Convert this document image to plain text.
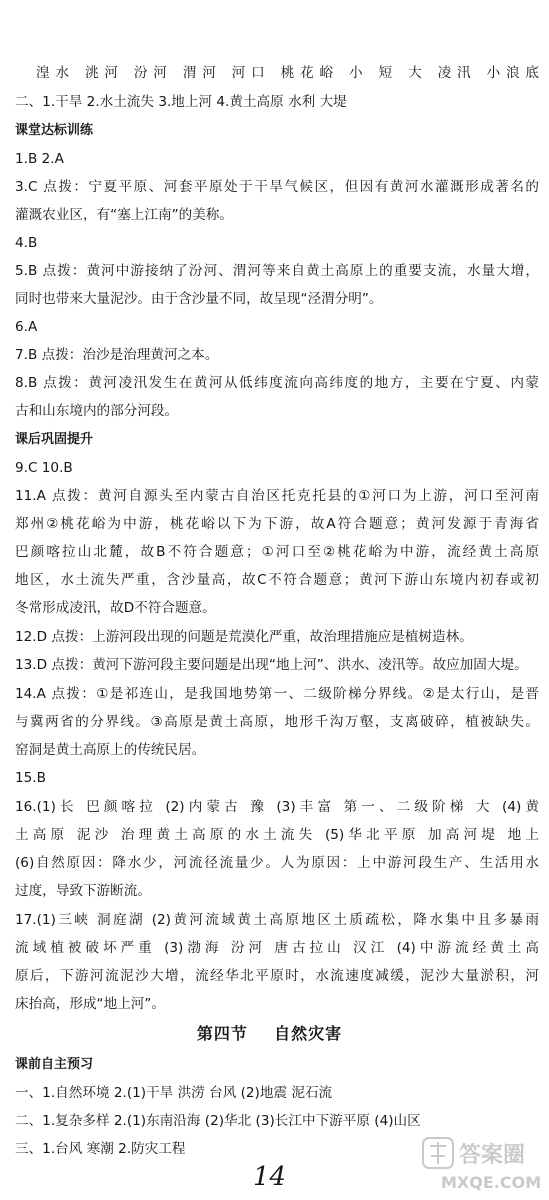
湟水 洮河 汾河 渭河 河口 桃花峪 小 短 大 凌汛 小浪底
二、1.干旱 2.水土流失 3.地上河 4.黄土高原 水利 大堤
课堂达标训练
1.B 2.A
3.C 点拨：宁夏平原、河套平原处于干旱气候区，但因有黄河水灌溉形成著名的
灌溉农业区，有“塞上江南”的美称。
4.B
5.B 点拨：黄河中游接纳了汾河、渭河等来自黄土高原上的重要支流，水量大增，
同时也带来大量泥沙。由于含沙量不同，故呈现“泾渭分明”。
6.A
7.B 点拨：治沙是治理黄河之本。
8.B 点拨：黄河凌汛发生在黄河从低纬度流向高纬度的地方，主要在宁夏、内蒙
古和山东境内的部分河段。
课后巩固提升
9.C 10.B
11.A 点拨：黄河自源头至内蒙古自治区托克托县的①河口为上游，河口至河南
郑州②桃花峪为中游，桃花峪以下为下游，故A符合题意；黄河发源于青海省
巴颜喀拉山北麓，故B不符合题意；①河口至②桃花峪为中游，流经黄土高原
地区，水土流失严重，含沙量高，故C不符合题意；黄河下游山东境内初春或初
冬常形成凌汛，故D不符合题意。
12.D 点拨：上游河段出现的问题是荒漠化严重，故治理措施应是植树造林。
13.D 点拨：黄河下游河段主要问题是出现“地上河”、洪水、凌汛等。故应加固大堤。
14.A 点拨：①是祁连山，是我国地势第一、二级阶梯分界线。②是太行山，是晋
与冀两省的分界线。③高原是黄土高原，地形千沟万壑，支离破碎，植被缺失。
窑洞是黄土高原上的传统民居。
15.B
16.(1)长 巴颜喀拉 (2)内蒙古 豫 (3)丰富 第一、二级阶梯 大 (4)黄
土高原 泥沙 治理黄土高原的水土流失 (5)华北平原 加高河堤 地上
(6)自然原因：降水少，河流径流量少。人为原因：上中游河段生产、生活用水
过度，导致下游断流。
17.(1)三峡 洞庭湖 (2)黄河流域黄土高原地区土质疏松，降水集中且多暴雨
流域植被破坏严重 (3)渤海 汾河 唐古拉山 汉江 (4)中游流经黄土高
原后，下游河流泥沙大增，流经华北平原时，水流速度减缓，泥沙大量淤积，河
床抬高，形成“地上河”。
第四节    自然灾害
课前自主预习
一、1.自然环境 2.(1)干旱 洪涝 台风 (2)地震 泥石流
二、1.复杂多样 2.(1)东南沿海 (2)华北 (3)长江中下游平原 (4)山区
三、1.台风 寒潮 2.防灾工程
14
答案圈
MXQE.COM
